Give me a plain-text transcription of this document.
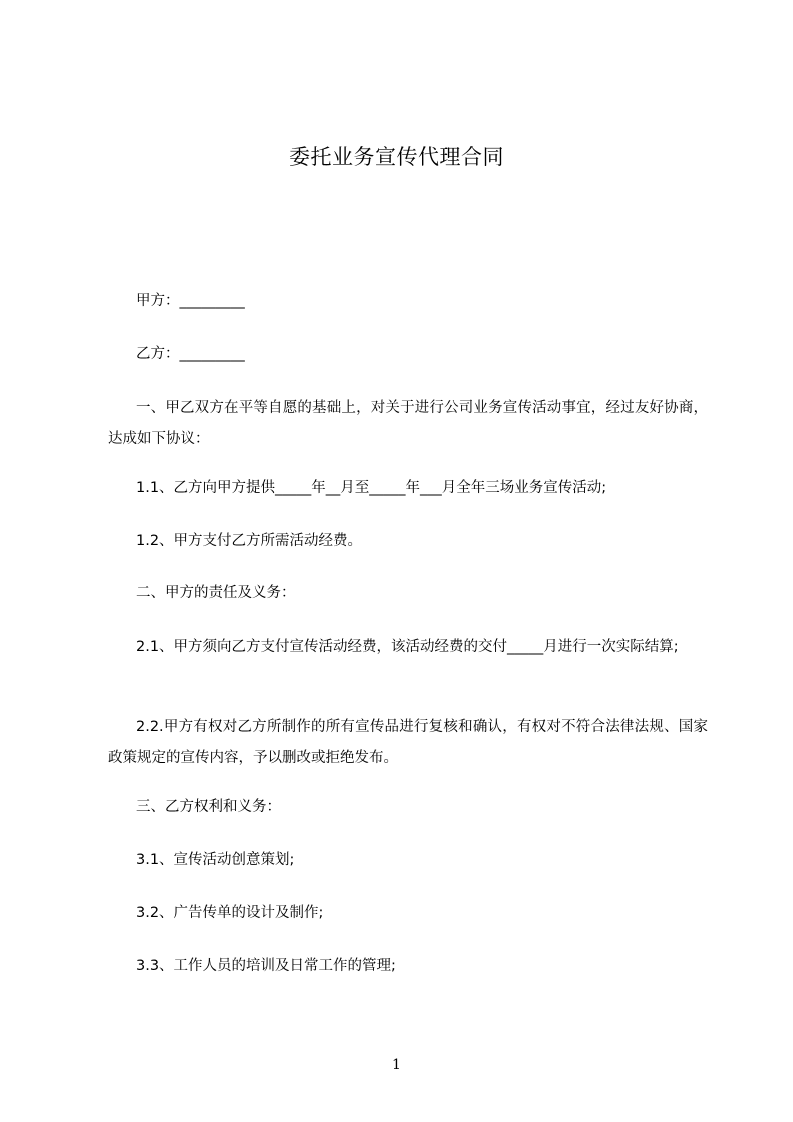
委托业务宣传代理合同
甲方：_________
乙方：_________
一、甲乙双方在平等自愿的基础上，对关于进行公司业务宣传活动事宜，经过友好协商，达成如下协议：
1.1、乙方向甲方提供_____年__月至_____年___月全年三场业务宣传活动;
1.2、甲方支付乙方所需活动经费。
二、甲方的责任及义务：
2.1、甲方须向乙方支付宣传活动经费，该活动经费的交付_____月进行一次实际结算;
2.2.甲方有权对乙方所制作的所有宣传品进行复核和确认，有权对不符合法律法规、国家政策规定的宣传内容，予以删改或拒绝发布。
三、乙方权利和义务：
3.1、宣传活动创意策划;
3.2、广告传单的设计及制作;
3.3、工作人员的培训及日常工作的管理;
1
